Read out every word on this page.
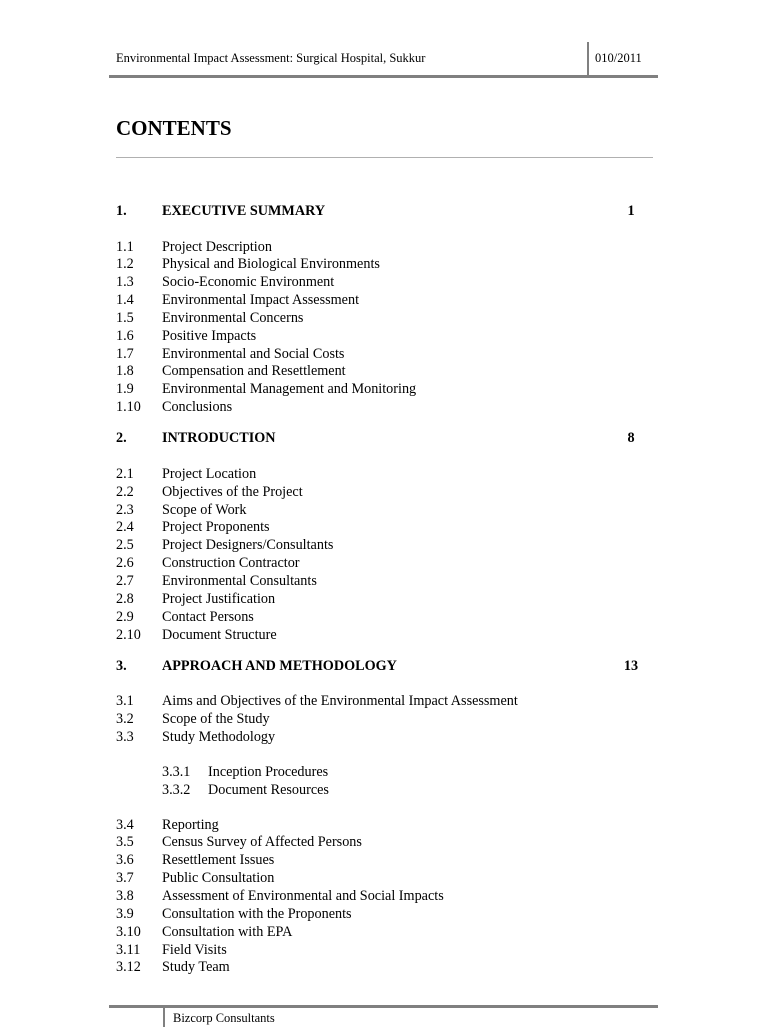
Environmental Impact Assessment: Surgical Hospital, Sukkur	010/2011
CONTENTS
1. EXECUTIVE SUMMARY	1
1.1 Project Description
1.2 Physical and Biological Environments
1.3 Socio-Economic Environment
1.4 Environmental Impact Assessment
1.5 Environmental Concerns
1.6 Positive Impacts
1.7 Environmental and Social Costs
1.8 Compensation and Resettlement
1.9 Environmental Management and Monitoring
1.10 Conclusions
2. INTRODUCTION	8
2.1 Project Location
2.2 Objectives of the Project
2.3 Scope of Work
2.4 Project Proponents
2.5 Project Designers/Consultants
2.6 Construction Contractor
2.7 Environmental Consultants
2.8 Project Justification
2.9 Contact Persons
2.10 Document Structure
3. APPROACH AND METHODOLOGY	13
3.1 Aims and Objectives of the Environmental Impact Assessment
3.2 Scope of the Study
3.3 Study Methodology
3.3.1 Inception Procedures
3.3.2 Document Resources
3.4 Reporting
3.5 Census Survey of Affected Persons
3.6 Resettlement Issues
3.7 Public Consultation
3.8 Assessment of Environmental and Social Impacts
3.9 Consultation with the Proponents
3.10 Consultation with EPA
3.11 Field Visits
3.12 Study Team
Bizcorp Consultants
